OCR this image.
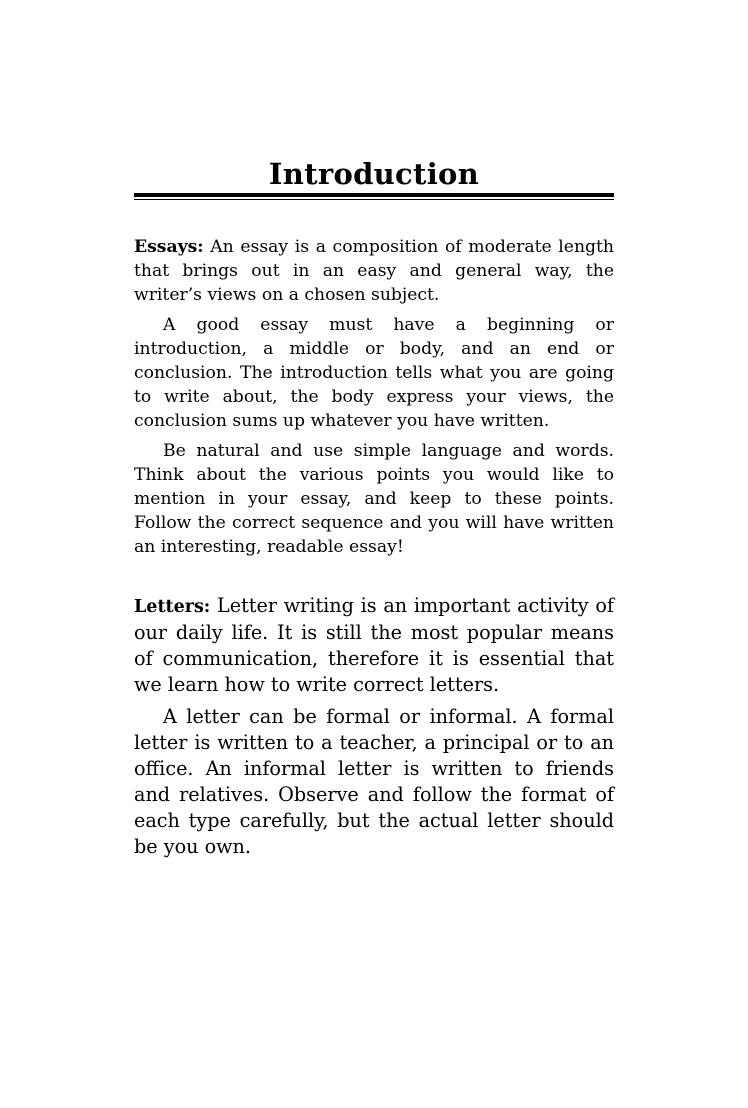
Introduction

Essays: An essay is a composition of moderate length that brings out in an easy and general way, the writer’s views on a chosen subject.

A good essay must have a beginning or introduction, a middle or body, and an end or conclusion. The introduction tells what you are going to write about, the body express your views, the conclusion sums up whatever you have written.

Be natural and use simple language and words. Think about the various points you would like to mention in your essay, and keep to these points. Follow the correct sequence and you will have written an interesting, readable essay!

Letters: Letter writing is an important activity of our daily life. It is still the most popular means of communication, therefore it is essential that we learn how to write correct letters.

A letter can be formal or informal. A formal letter is written to a teacher, a principal or to an office. An informal letter is written to friends and relatives. Observe and follow the format of each type carefully, but the actual letter should be you own.
